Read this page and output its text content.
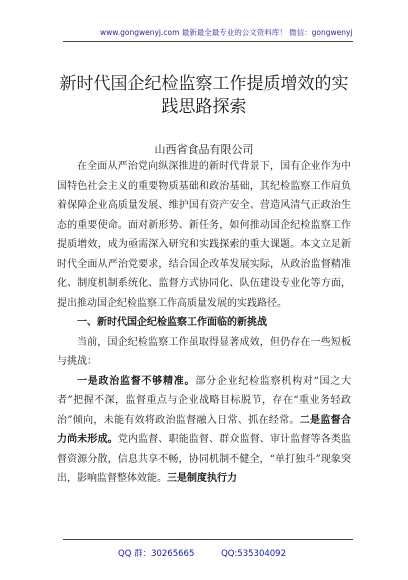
www.gongwenyj.com 最新最全最专业的公文资料库！ 微信：gongwenyj
新时代国企纪检监察工作提质增效的实践思路探索
山西省食品有限公司

在全面从严治党向纵深推进的新时代背景下，国有企业作为中国特色社会主义的重要物质基础和政治基础，其纪检监察工作肩负着保障企业高质量发展、维护国有资产安全、营造风清气正政治生态的重要使命。面对新形势、新任务，如何推动国企纪检监察工作提质增效，成为亟需深入研究和实践探索的重大课题。本文立足新时代全面从严治党要求，结合国企改革发展实际，从政治监督精准化、制度机制系统化、监督方式协同化、队伍建设专业化等方面，提出推动国企纪检监察工作高质量发展的实践路径。

一、新时代国企纪检监察工作面临的新挑战

当前，国企纪检监察工作虽取得显著成效，但仍存在一些短板与挑战：

一是政治监督不够精准。部分企业纪检监察机构对“国之大者”把握不深，监督重点与企业战略目标脱节，存在“重业务轻政治”倾向，未能有效将政治监督融入日常、抓在经常。二是监督合力尚未形成。党内监督、职能监督、群众监督、审计监督等各类监督资源分散，信息共享不畅，协同机制不健全，“单打独斗”现象突出，影响监督整体效能。三是制度执行力

QQ 群：30265665	QQ:535304092
